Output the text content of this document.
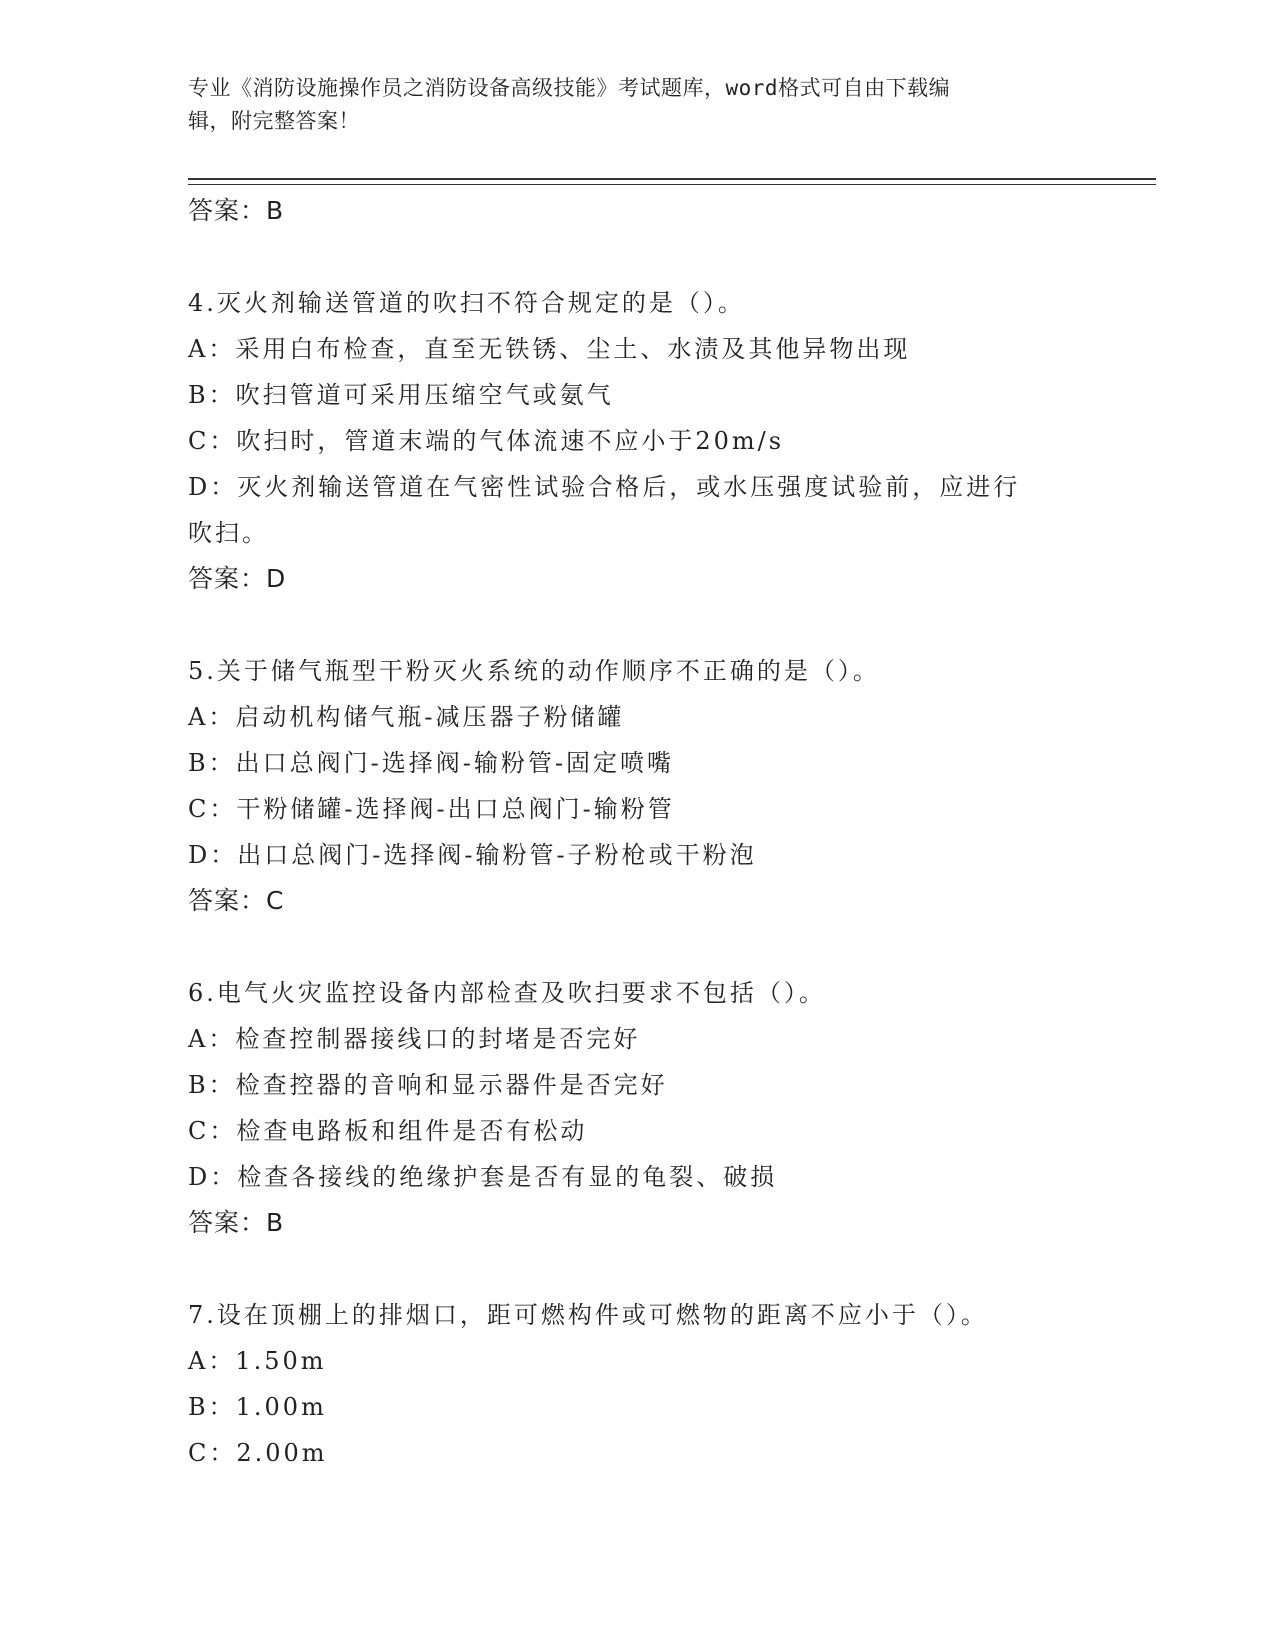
专业《消防设施操作员之消防设备高级技能》考试题库，word格式可自由下载编
辑，附完整答案！
答案：B
4.灭火剂输送管道的吹扫不符合规定的是（）。
A：采用白布检查，直至无铁锈、尘土、水渍及其他异物出现
B：吹扫管道可采用压缩空气或氨气
C：吹扫时，管道末端的气体流速不应小于20m/s
D：灭火剂输送管道在气密性试验合格后，或水压强度试验前，应进行
吹扫。
答案：D
5.关于储气瓶型干粉灭火系统的动作顺序不正确的是（）。
A：启动机构储气瓶-减压器子粉储罐
B：出口总阀门-选择阀-输粉管-固定喷嘴
C：干粉储罐-选择阀-出口总阀门-输粉管
D：出口总阀门-选择阀-输粉管-子粉枪或干粉泡
答案：C
6.电气火灾监控设备内部检查及吹扫要求不包括（）。
A：检查控制器接线口的封堵是否完好
B：检查控器的音响和显示器件是否完好
C：检查电路板和组件是否有松动
D：检查各接线的绝缘护套是否有显的龟裂、破损
答案：B
7.设在顶棚上的排烟口，距可燃构件或可燃物的距离不应小于（）。
A：1.50m
B：1.00m
C：2.00m
